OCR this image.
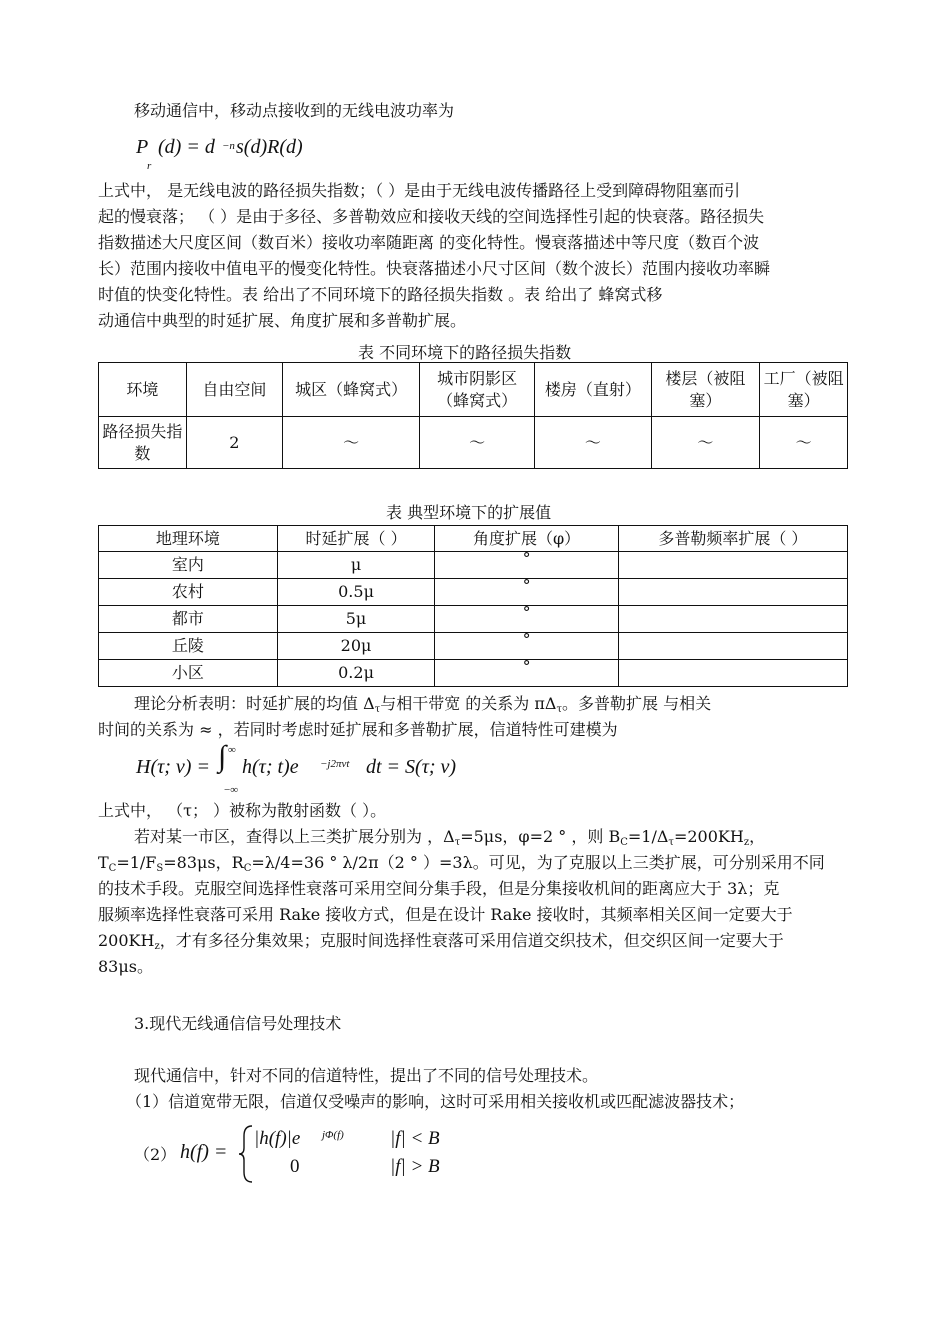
移动通信中，移动点接收到的无线电波功率为
P
r
(d) = d −n s(d)R(d)
上式中， 是无线电波的路径损失指数；（ ）是由于无线电波传播路径上受到障碍物阻塞而引
起的慢衰落； （ ）是由于多径、多普勒效应和接收天线的空间选择性引起的快衰落。路径损失
指数描述大尺度区间（数百米）接收功率随距离 的变化特性。慢衰落描述中等尺度（数百个波
长）范围内接收中值电平的慢变化特性。快衰落描述小尺寸区间（数个波长）范围内接收功率瞬
时值的快变化特性。表 给出了不同环境下的路径损失指数 。表 给出了 蜂窝式移
动通信中典型的时延扩展、角度扩展和多普勒扩展。
表 不同环境下的路径损失指数
环境	自由空间	城区（蜂窝式）	城市阴影区（蜂窝式）	楼房（直射）	楼层（被阻塞）	工厂（被阻塞）
路径损失指数	2	～	～	～	～	～
表 典型环境下的扩展值
地理环境	时延扩展（ ）	角度扩展（φ）	多普勒频率扩展（ ）
室内	μ	°	
农村	0.5μ	°	
都市	5μ	°	
丘陵	20μ	°	
小区	0.2μ	°	
理论分析表明：时延扩展的均值 $\Delta_\tau$与相干带宽 的关系为 $\pi\Delta_\tau$。多普勒扩展 与相关
时间的关系为 ≈ ，若同时考虑时延扩展和多普勒扩展，信道特性可建模为
H(τ; v) = ∫ ∞
−∞
h(τ; t)e −j2πvt dt = S(τ; v)
上式中， （τ； ）被称为散射函数（ ）。
若对某一市区，查得以上三类扩展分别为 ，$\Delta_\tau=5\mu s$，φ=2 ° ，则 $B_C=1/\Delta_\tau=200KH_z$，
$T_C=1/F_S=83\mu s$，$R_C=\lambda/4=36$ ° λ/2π（2 ° ）=3λ。可见，为了克服以上三类扩展，可分别采用不同
的技术手段。克服空间选择性衰落可采用空间分集手段，但是分集接收机间的距离应大于 3λ；克
服频率选择性衰落可采用 Rake 接收方式，但是在设计 Rake 接收时，其频率相关区间一定要大于
$200KH_z$，才有多径分集效果；克服时间选择性衰落可采用信道交织技术，但交织区间一定要大于
83μs。
3.现代无线通信信号处理技术
现代通信中，针对不同的信道特性，提出了不同的信号处理技术。
（1）信道宽带无限，信道仅受噪声的影响，这时可采用相关接收机或匹配滤波器技术；
（2） h(f) =
|h(f)|e jΦ(f) |f| < B
0	|f| > B
